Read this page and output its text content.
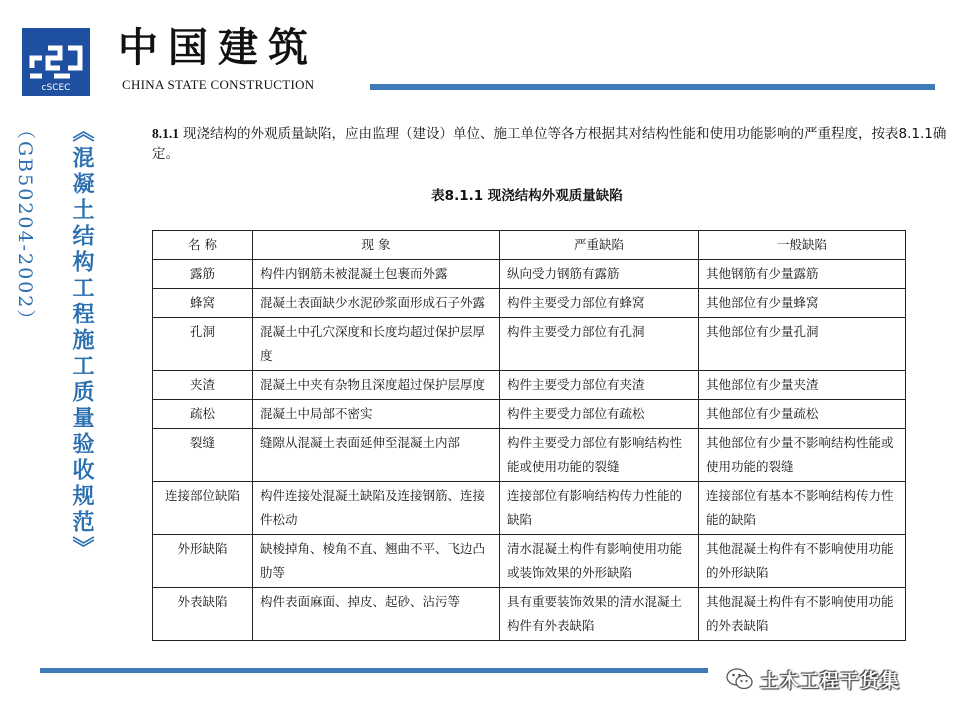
cSCEC
中国建筑
CHINA STATE CONSTRUCTION
（GB50204-2002）	《混凝土结构工程施工质量验收规范》	8.1.1 现浇结构的外观质量缺陷，应由监理（建设）单位、施工单位等各方根据其对结构性能和使用功能影响的严重程度，按表8.1.1确定。
表8.1.1 现浇结构外观质量缺陷
名 称	现 象	严重缺陷	一般缺陷
露筋	构件内钢筋未被混凝土包裹而外露	纵向受力钢筋有露筋	其他钢筋有少量露筋
蜂窝	混凝土表面缺少水泥砂浆面形成石子外露	构件主要受力部位有蜂窝	其他部位有少量蜂窝
孔洞	混凝土中孔穴深度和长度均超过保护层厚度	构件主要受力部位有孔洞	其他部位有少量孔洞
夹渣	混凝土中夹有杂物且深度超过保护层厚度	构件主要受力部位有夹渣	其他部位有少量夹渣
疏松	混凝土中局部不密实	构件主要受力部位有疏松	其他部位有少量疏松
裂缝	缝隙从混凝土表面延伸至混凝土内部	构件主要受力部位有影响结构性能或使用功能的裂缝	其他部位有少量不影响结构性能或使用功能的裂缝
连接部位缺陷	构件连接处混凝土缺陷及连接钢筋、连接件松动	连接部位有影响结构传力性能的缺陷	连接部位有基本不影响结构传力性能的缺陷
外形缺陷	缺棱掉角、棱角不直、翘曲不平、飞边凸肋等	清水混凝土构件有影响使用功能或装饰效果的外形缺陷	其他混凝土构件有不影响使用功能的外形缺陷
外表缺陷	构件表面麻面、掉皮、起砂、沾污等	具有重要装饰效果的清水混凝土构件有外表缺陷	其他混凝土构件有不影响使用功能的外表缺陷
土木工程干货集
